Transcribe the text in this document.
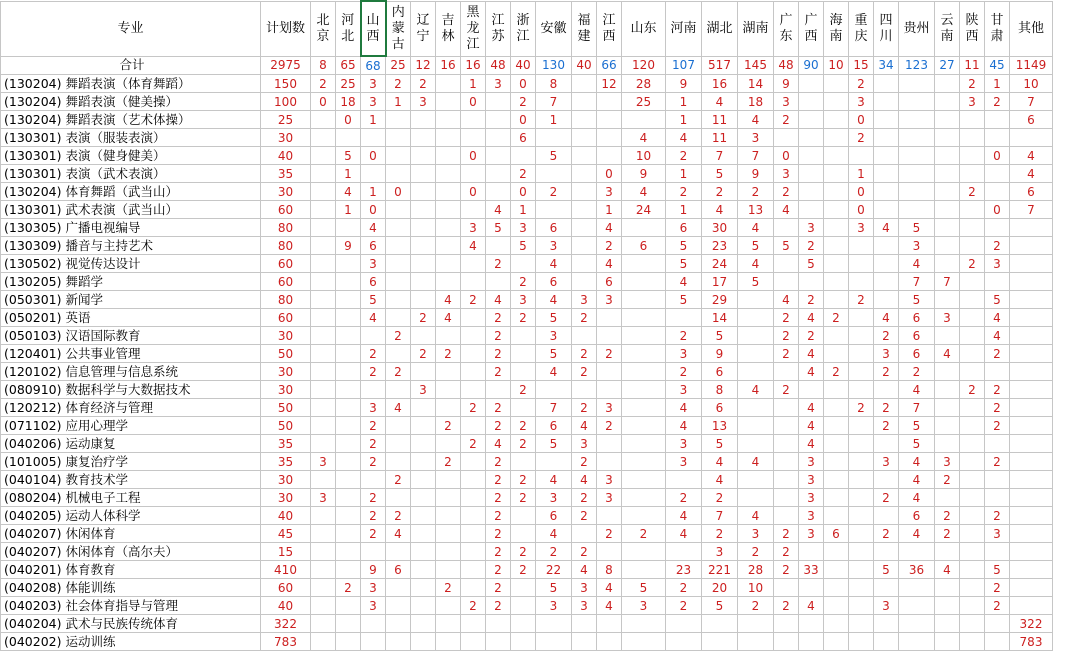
专业	计划数	北京	河北	山西	内蒙古	辽宁	吉林	黑龙江	江苏	浙江	安徽	福建	江西	山东	河南	湖北	湖南	广东	广西	海南	重庆	四川	贵州	云南	陕西	甘肃	其他
合计	2975	8	65	68	25	12	16	16	48	40	130	40	66	120	107	517	145	48	90	10	15	34	123	27	11	45	1149
(130204) 舞蹈表演（体育舞蹈）	150	2	25	3	2	2		1	3	0	8		12	28	9	16	14	9			2				2	1	10
(130204) 舞蹈表演（健美操）	100	0	18	3	1	3		0		2	7			25	1	4	18	3			3				3	2	7
(130204) 舞蹈表演（艺术体操）	25		0	1						0	1				1	11	4	2			0						6
(130301) 表演（服装表演）	30									6				4	4	11	3				2						
(130301) 表演（健身健美）	40		5	0				0			5			10	2	7	7	0								0	4
(130301) 表演（武术表演）	35		1							2			0	9	1	5	9	3			1						4
(130204) 体育舞蹈（武当山）	30		4	1	0			0		0	2		3	4	2	2	2	2			0				2		6
(130301) 武术表演（武当山）	60		1	0					4	1			1	24	1	4	13	4			0					0	7
(130305) 广播电视编导	80			4				3	5	3	6		4		6	30	4		3		3	4	5				
(130309) 播音与主持艺术	80		9	6				4		5	3		2	6	5	23	5	5	2				3			2	
(130502) 视觉传达设计	60			3					2		4		4		5	24	4		5				4		2	3	
(130205) 舞蹈学	60			6						2	6		6		4	17	5						7	7			
(050301) 新闻学	80			5			4	2	4	3	4	3	3		5	29		4	2		2		5			5	
(050201) 英语	60			4		2	4		2	2	5	2				14		2	4	2		4	6	3		4	
(050103) 汉语国际教育	30				2				2		3				2	5		2	2			2	6			4	
(120401) 公共事业管理	50			2		2	2		2		5	2	2		3	9		2	4			3	6	4		2	
(120102) 信息管理与信息系统	30			2	2				2		4	2			2	6			4	2		2	2				
(080910) 数据科学与大数据技术	30					3				2					3	8	4	2					4		2	2	
(120212) 体育经济与管理	50			3	4			2	2		7	2	3		4	6			4		2	2	7			2	
(071102) 应用心理学	50			2			2		2	2	6	4	2		4	13			4			2	5			2	
(040206) 运动康复	35			2				2	4	2	5	3			3	5			4				5				
(101005) 康复治疗学	35	3		2			2		2			2			3	4	4		3			3	4	3		2	
(040104) 教育技术学	30				2				2	2	4	4	3			4			3				4	2			
(080204) 机械电子工程	30	3		2					2	2	3	2	3		2	2			3			2	4				
(040205) 运动人体科学	40			2	2				2		6	2			4	7	4		3				6	2		2	
(040207) 休闲体育	45			2	4				2		4		2	2	4	2	3	2	3	6		2	4	2		3	
(040207) 休闲体育（高尔夫）	15								2	2	2	2				3	2	2									
(040201) 体育教育	410			9	6				2	2	22	4	8		23	221	28	2	33			5	36	4		5	
(040208) 体能训练	60		2	3			2		2		5	3	4	5	2	20	10									2	
(040203) 社会体育指导与管理	40			3				2	2		3	3	4	3	2	5	2	2	4			3				2	
(040204) 武术与民族传统体育	322																										322
(040202) 运动训练	783																										783
